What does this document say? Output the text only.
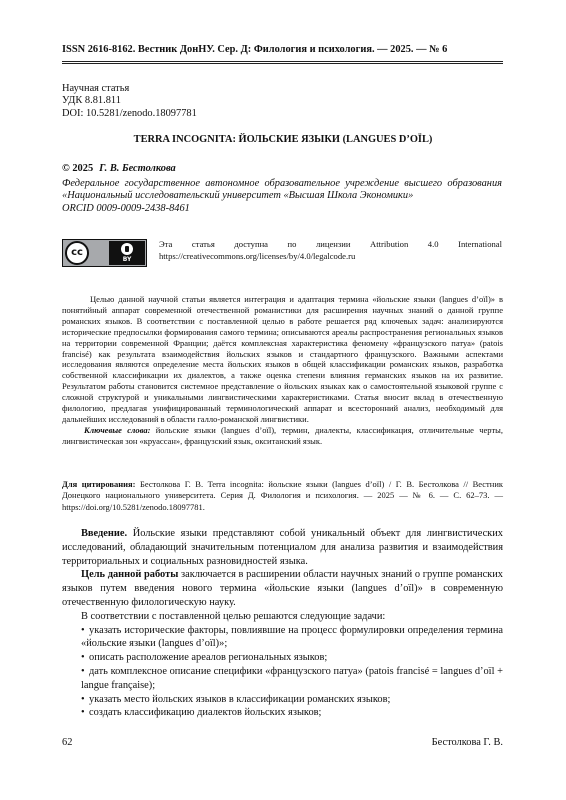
ISSN 2616-8162. Вестник ДонНУ. Сер. Д: Филология и психология. — 2025. — № 6
Научная статья
УДК 8.81.811
DOI: 10.5281/zenodo.18097781
TERRA INCOGNITA: ЙОЛЬСКИЕ ЯЗЫКИ (LANGUES D’OÏL)
© 2025 Г. В. Бестолкова
Федеральное государственное автономное образовательное учреждение высшего образования «Национальный исследовательский университет «Высшая Школа Экономики»
ORCID 0009-0009-2438-8461
cc
BY
Эта статья доступна по лицензии Attribution 4.0 International
https://creativecommons.org/licenses/by/4.0/legalcode.ru

Целью данной научной статьи является интеграция и адаптация термина «йольские языки (langues d’oïl)» в понятийный аппарат современной отечественной романистики для расширения научных знаний о данной группе романских языков. В соответствии с поставленной целью в работе решается ряд ключевых задач: анализируются исторические предпосылки формирования самого термина; описываются ареалы распространения региональных языков на территории современной Франции; даётся комплексная характеристика феномену «французского патуа» (patois francisé) как результата взаимодействия йольских языков и стандартного французского. Важными аспектами исследования являются определение места йольских языков в общей классификации романских языков, разработка собственной классификации их диалектов, а также оценка степени влияния германских языков на их развитие. Результатом работы становится системное представление о йольских языках как о самостоятельной языковой группе с сложной структурой и уникальными лингвистическими характеристиками. Статья вносит вклад в отечественную филологию, предлагая унифицированный терминологический аппарат и всесторонний анализ, необходимый для дальнейших исследований в области галло-романской лингвистики.

Ключевые слова: йольские языки (langues d’oïl), термин, диалекты, классификация, отличительные черты, лингвистическая зон «круассан», французский язык, окситанский язык.

Для цитирования: Бестолкова Г. В. Terra incognita: йольские языки (langues d’oïl) / Г. В. Бестолкова // Вестник Донецкого национального университета. Серия Д. Филология и психология. — 2025 — № 6. — С. 62–73. — https://doi.org/10.5281/zenodo.18097781.

Введение. Йольские языки представляют собой уникальный объект для лингвистических исследований, обладающий значительным потенциалом для анализа развития и взаимодействия территориальных и социальных разновидностей языка.

Цель данной работы заключается в расширении области научных знаний о группе романских языков путем введения нового термина «йольские языки (langues d’oïl)» в современную отечественную филологическую науку.

В соответствии с поставленной целью решаются следующие задачи:

• указать исторические факторы, повлиявшие на процесс формулировки определения термина «йольские языки (langues d’oïl)»;

• описать расположение ареалов региональных языков;

• дать комплексное описание специфики «французского патуа» (patois francisé = langues d’oïl + langue française);

• указать место йольских языков в классификации романских языков;

• создать классификацию диалектов йольских языков;

62	Бестолкова Г. В.
